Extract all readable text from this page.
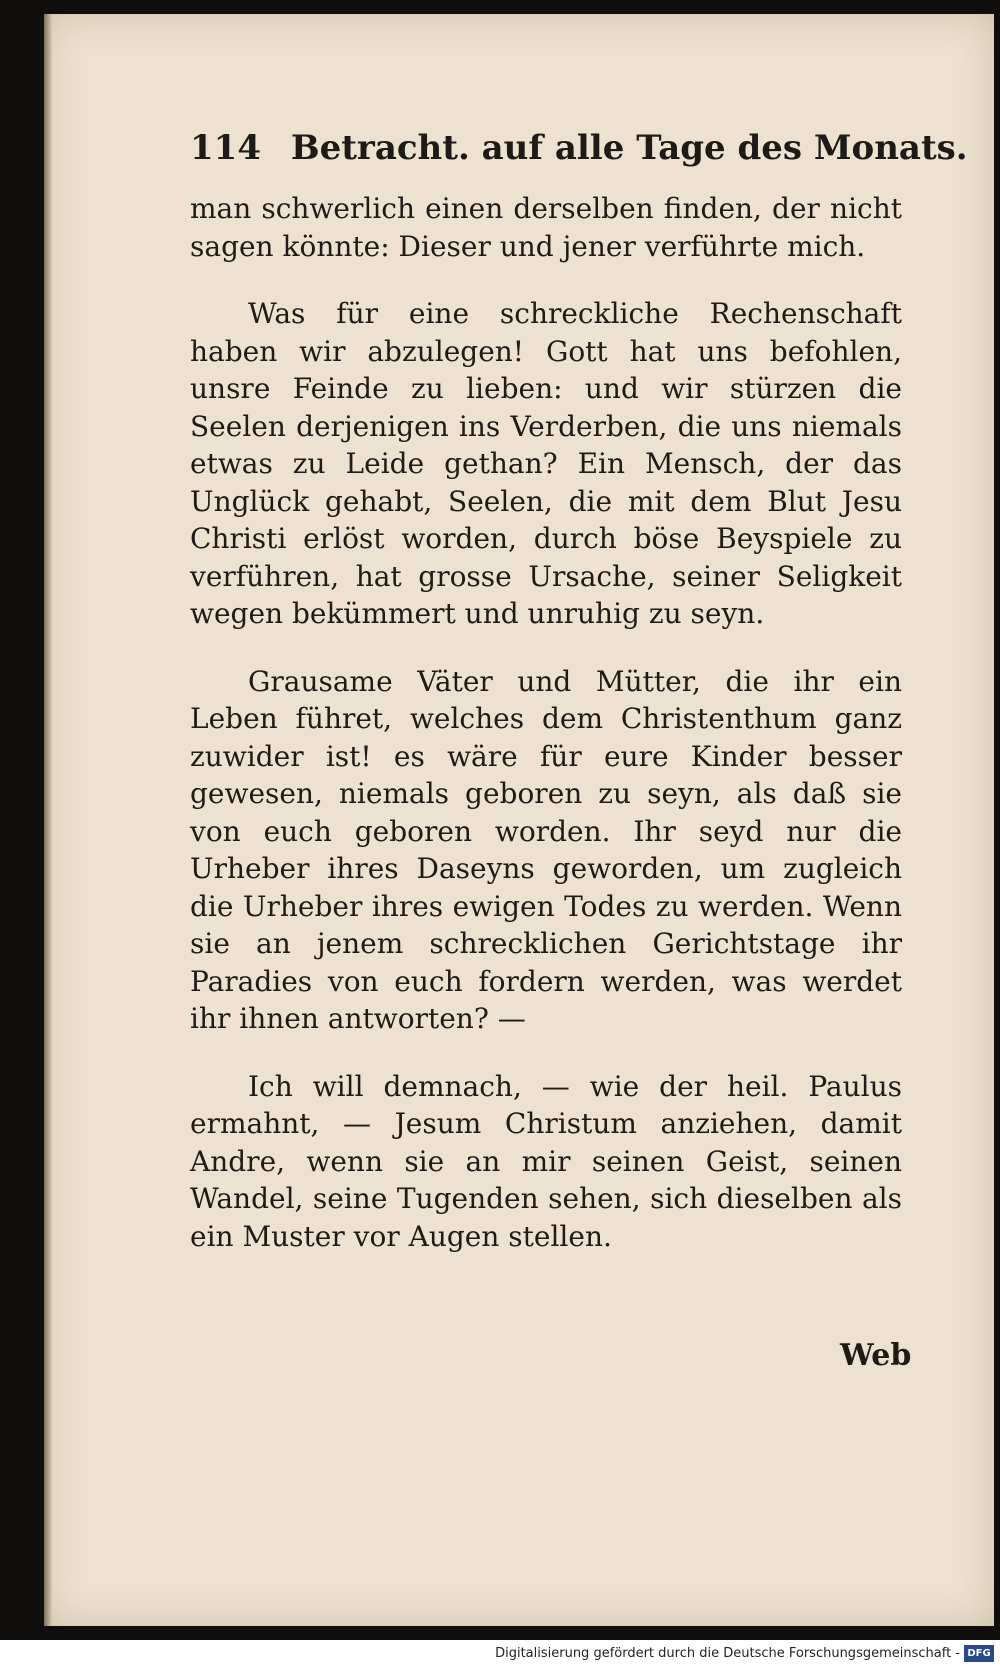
114 Betracht. auf alle Tage des Monats.

man schwerlich einen derselben finden, der nicht sagen könnte: Dieser und jener verführte mich.

Was für eine schreckliche Rechenschaft haben wir abzulegen! Gott hat uns befohlen, unsre Feinde zu lieben: und wir stürzen die Seelen derjenigen ins Verderben, die uns niemals etwas zu Leide gethan? Ein Mensch, der das Unglück gehabt, Seelen, die mit dem Blut Jesu Christi erlöst worden, durch böse Beyspiele zu verführen, hat grosse Ursache, seiner Seligkeit wegen bekümmert und unruhig zu seyn.

Grausame Väter und Mütter, die ihr ein Leben führet, welches dem Christenthum ganz zuwider ist! es wäre für eure Kinder besser gewesen, niemals geboren zu seyn, als daß sie von euch geboren worden. Ihr seyd nur die Urheber ihres Daseyns geworden, um zugleich die Urheber ihres ewigen Todes zu werden. Wenn sie an jenem schrecklichen Gerichtstage ihr Paradies von euch fordern werden, was werdet ihr ihnen antworten? —

Ich will demnach, — wie der heil. Paulus ermahnt, — Jesum Christum anziehen, damit Andre, wenn sie an mir seinen Geist, seinen Wandel, seine Tugenden sehen, sich dieselben als ein Muster vor Augen stellen.

Web
Digitalisierung gefördert durch die Deutsche Forschungsgemeinschaft - DFG
